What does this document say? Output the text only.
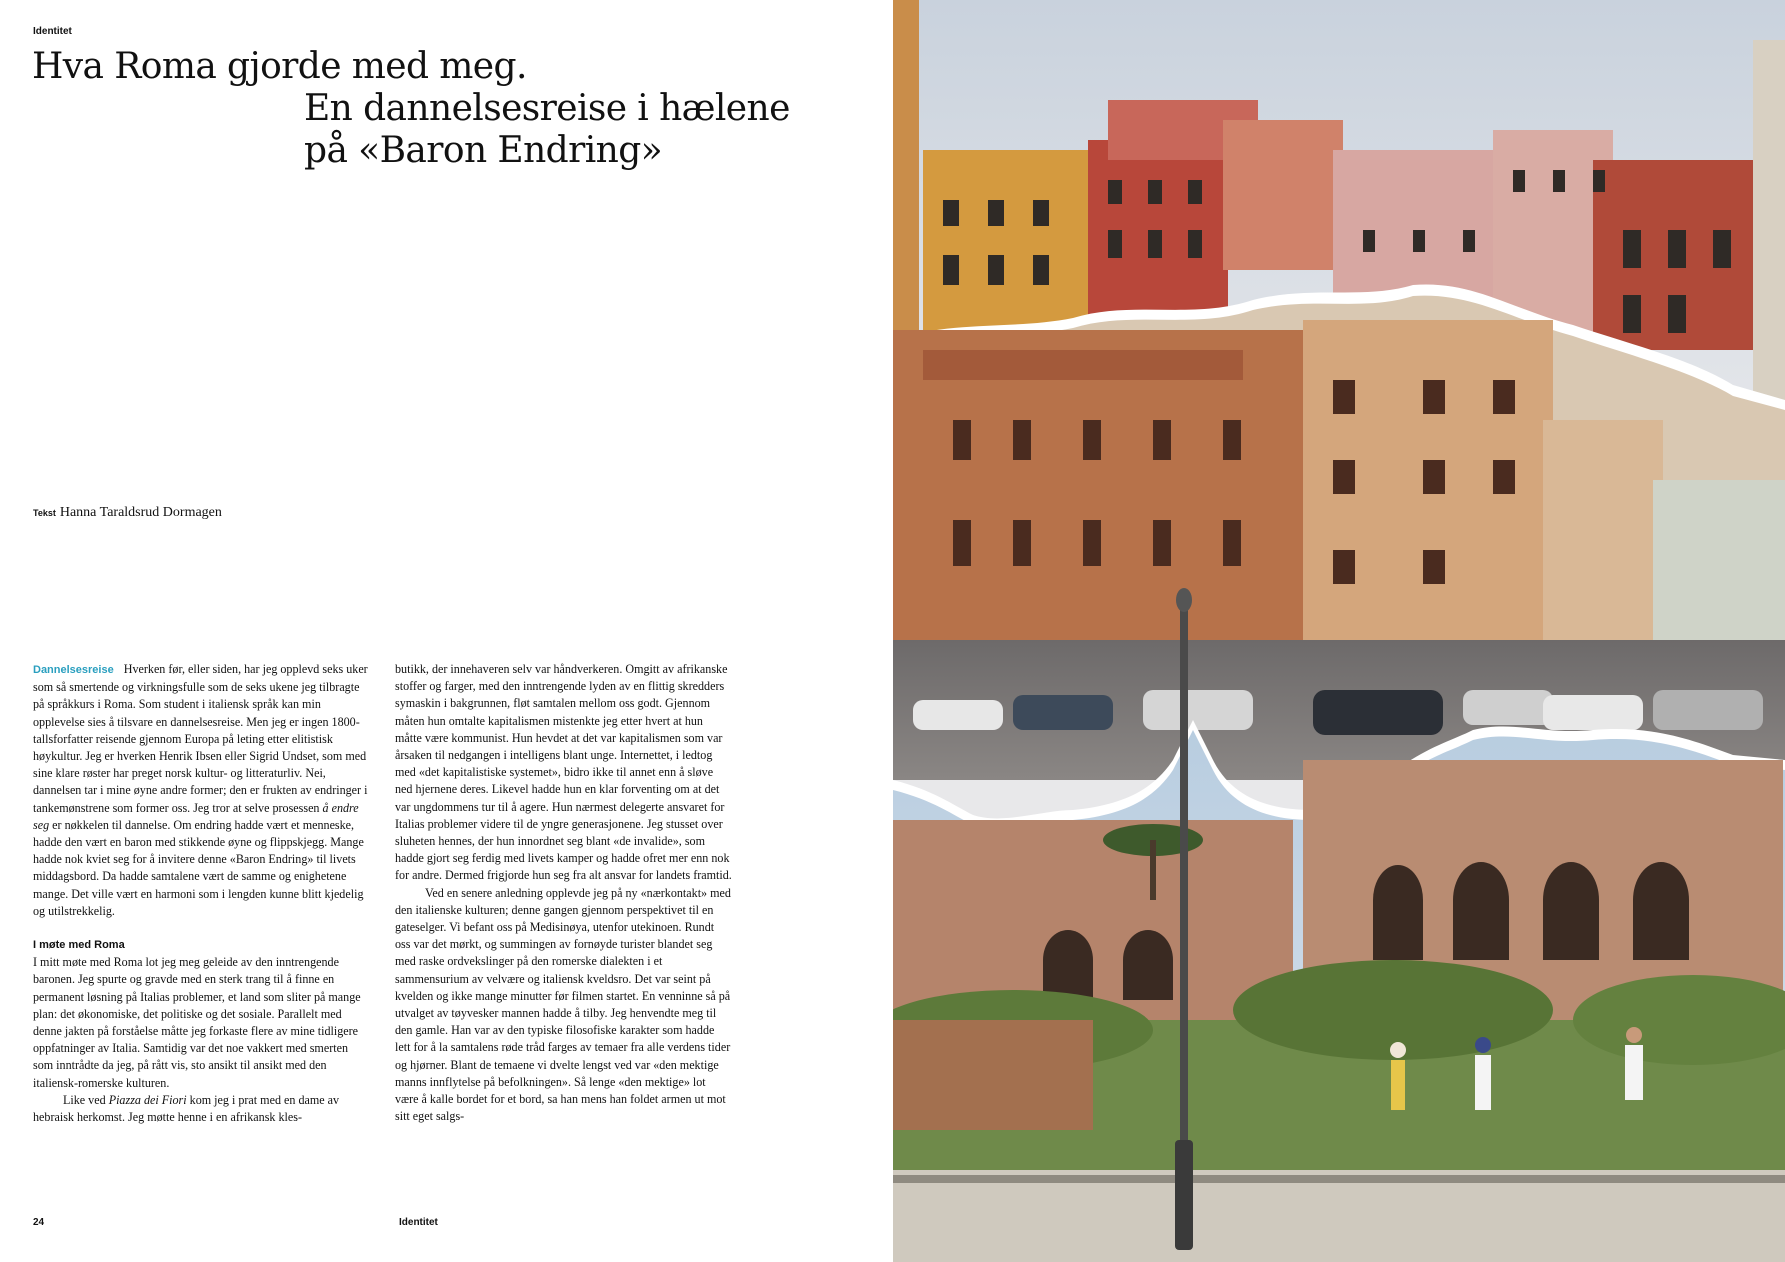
Identitet
Hva Roma gjorde med meg.
En dannelsesreise i hælene
på «Baron Endring»
Tekst Hanna Taraldsrud Dormagen

Dannelsesreise Hverken før, eller siden, har jeg opplevd seks uker som så smertende og virkningsfulle som de seks ukene jeg tilbragte på språkkurs i Roma. Som student i italiensk språk kan min opplevelse sies å tilsvare en dannelsesreise. Men jeg er ingen 1800-tallsforfatter reisende gjennom Europa på leting etter elitistisk høykultur. Jeg er hverken Henrik Ibsen eller Sigrid Undset, som med sine klare røster har preget norsk kultur- og litteraturliv. Nei, dannelsen tar i mine øyne andre former; den er frukten av endringer i tankemønstrene som former oss. Jeg tror at selve prosessen å endre seg er nøkkelen til dannelse. Om endring hadde vært et menneske, hadde den vært en baron med stikkende øyne og flippskjegg. Mange hadde nok kviet seg for å invitere denne «Baron Endring» til livets middagsbord. Da hadde samtalene vært de samme og enighetene mange. Det ville vært en harmoni som i lengden kunne blitt kjedelig og utilstrekkelig.

I møte med Roma

I mitt møte med Roma lot jeg meg geleide av den inntrengende baronen. Jeg spurte og gravde med en sterk trang til å finne en permanent løsning på Italias problemer, et land som sliter på mange plan: det økonomiske, det politiske og det sosiale. Parallelt med denne jakten på forståelse måtte jeg forkaste flere av mine tidligere oppfatninger av Italia. Samtidig var det noe vakkert med smerten som inntrådte da jeg, på rått vis, sto ansikt til ansikt med den italiensk-romerske kulturen.

Like ved Piazza dei Fiori kom jeg i prat med en dame av hebraisk herkomst. Jeg møtte henne i en afrikansk kles-

butikk, der innehaveren selv var håndverkeren. Omgitt av afrikanske stoffer og farger, med den inntrengende lyden av en flittig skredders symaskin i bakgrunnen, fløt samtalen mellom oss godt. Gjennom måten hun omtalte kapitalismen mistenkte jeg etter hvert at hun måtte være kommunist. Hun hevdet at det var kapitalismen som var årsaken til nedgangen i intelligens blant unge. Internettet, i ledtog med «det kapitalistiske systemet», bidro ikke til annet enn å sløve ned hjernene deres. Likevel hadde hun en klar forventing om at det var ungdommens tur til å agere. Hun nærmest delegerte ansvaret for Italias problemer videre til de yngre generasjonene. Jeg stusset over sluheten hennes, der hun innordnet seg blant «de invalide», som hadde gjort seg ferdig med livets kamper og hadde ofret mer enn nok for andre. Dermed frigjorde hun seg fra alt ansvar for landets framtid.

Ved en senere anledning opplevde jeg på ny «nærkontakt» med den italienske kulturen; denne gangen gjennom perspektivet til en gateselger. Vi befant oss på Medisinøya, utenfor utekinoen. Rundt oss var det mørkt, og summingen av fornøyde turister blandet seg med raske ordvekslinger på den romerske dialekten i et sammensurium av velvære og italiensk kveldsro. Det var seint på kvelden og ikke mange minutter før filmen startet. En venninne så på utvalget av tøyvesker mannen hadde å tilby. Jeg henvendte meg til den gamle. Han var av den typiske filosofiske karakter som hadde lett for å la samtalens røde tråd farges av temaer fra alle verdens tider og hjørner. Blant de temaene vi dvelte lengst ved var «den mektige manns innflytelse på befolkningen». Så lenge «den mektige» lot være å kalle bordet for et bord, sa han mens han foldet armen ut mot sitt eget salgs-

24	Identitet
